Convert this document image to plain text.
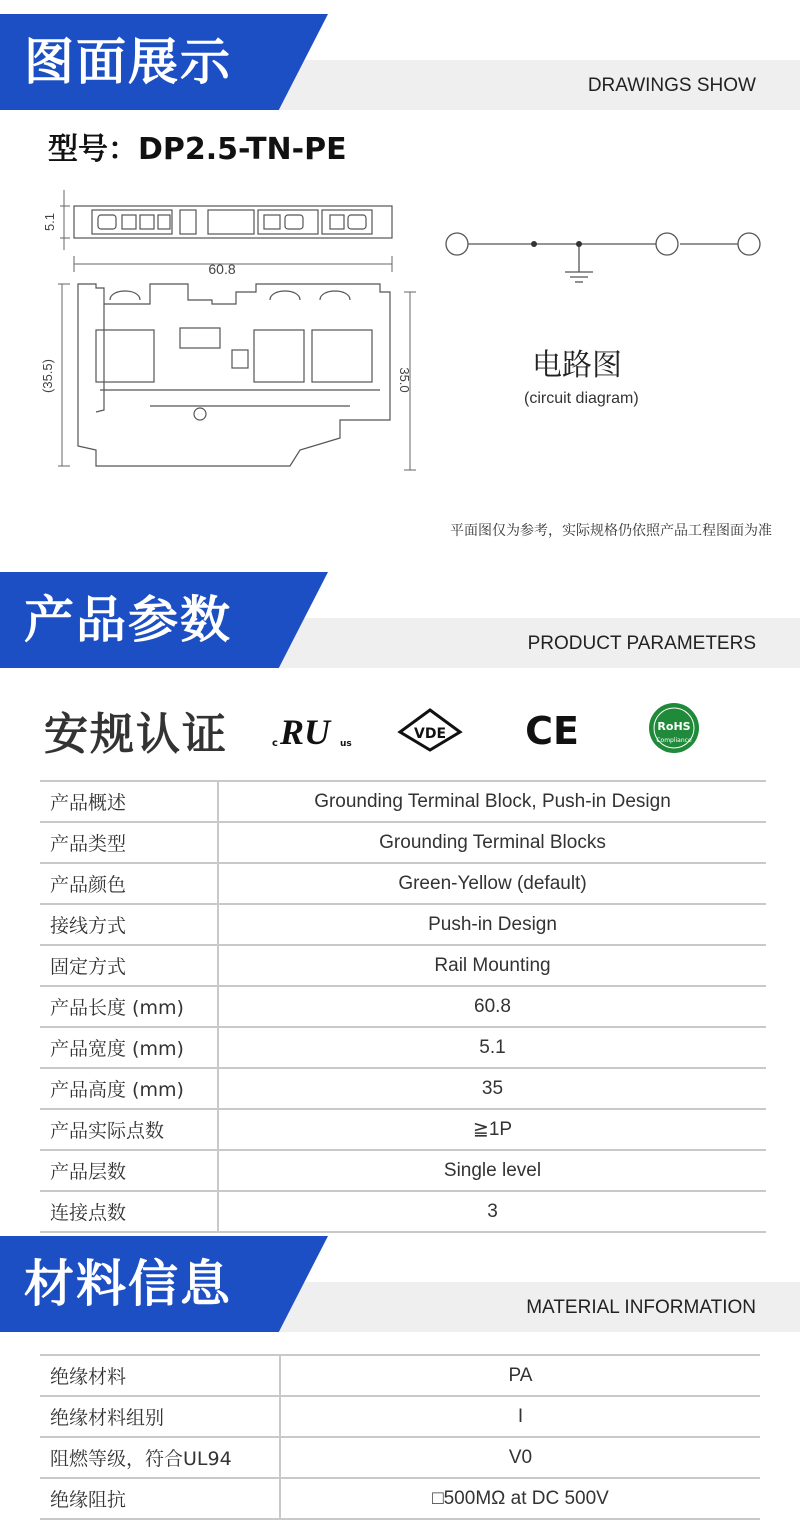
图面展示	DRAWINGS SHOW
型号：DP2.5-TN-PE
5.1
60.8
(35.5)	35.0	电路图
(circuit diagram)
平面图仅为参考，实际规格仍依照产品工程图面为准
产品参数	PRODUCT PARAMETERS
安规认证	c RU us
VDE CE	RoHS
Compliance
产品概述	Grounding Terminal Block, Push-in Design
产品类型	Grounding Terminal Blocks
产品颜色	Green-Yellow (default)
接线方式	Push-in Design
固定方式	Rail Mounting
产品长度 (mm)	60.8
产品宽度 (mm)	5.1
产品高度 (mm)	35
产品实际点数	≧1P
产品层数	Single level
连接点数	3
材料信息	MATERIAL INFORMATION
绝缘材料	PA
绝缘材料组别	I
阻燃等级，符合UL94	V0
绝缘阻抗	□500MΩ at DC 500V
